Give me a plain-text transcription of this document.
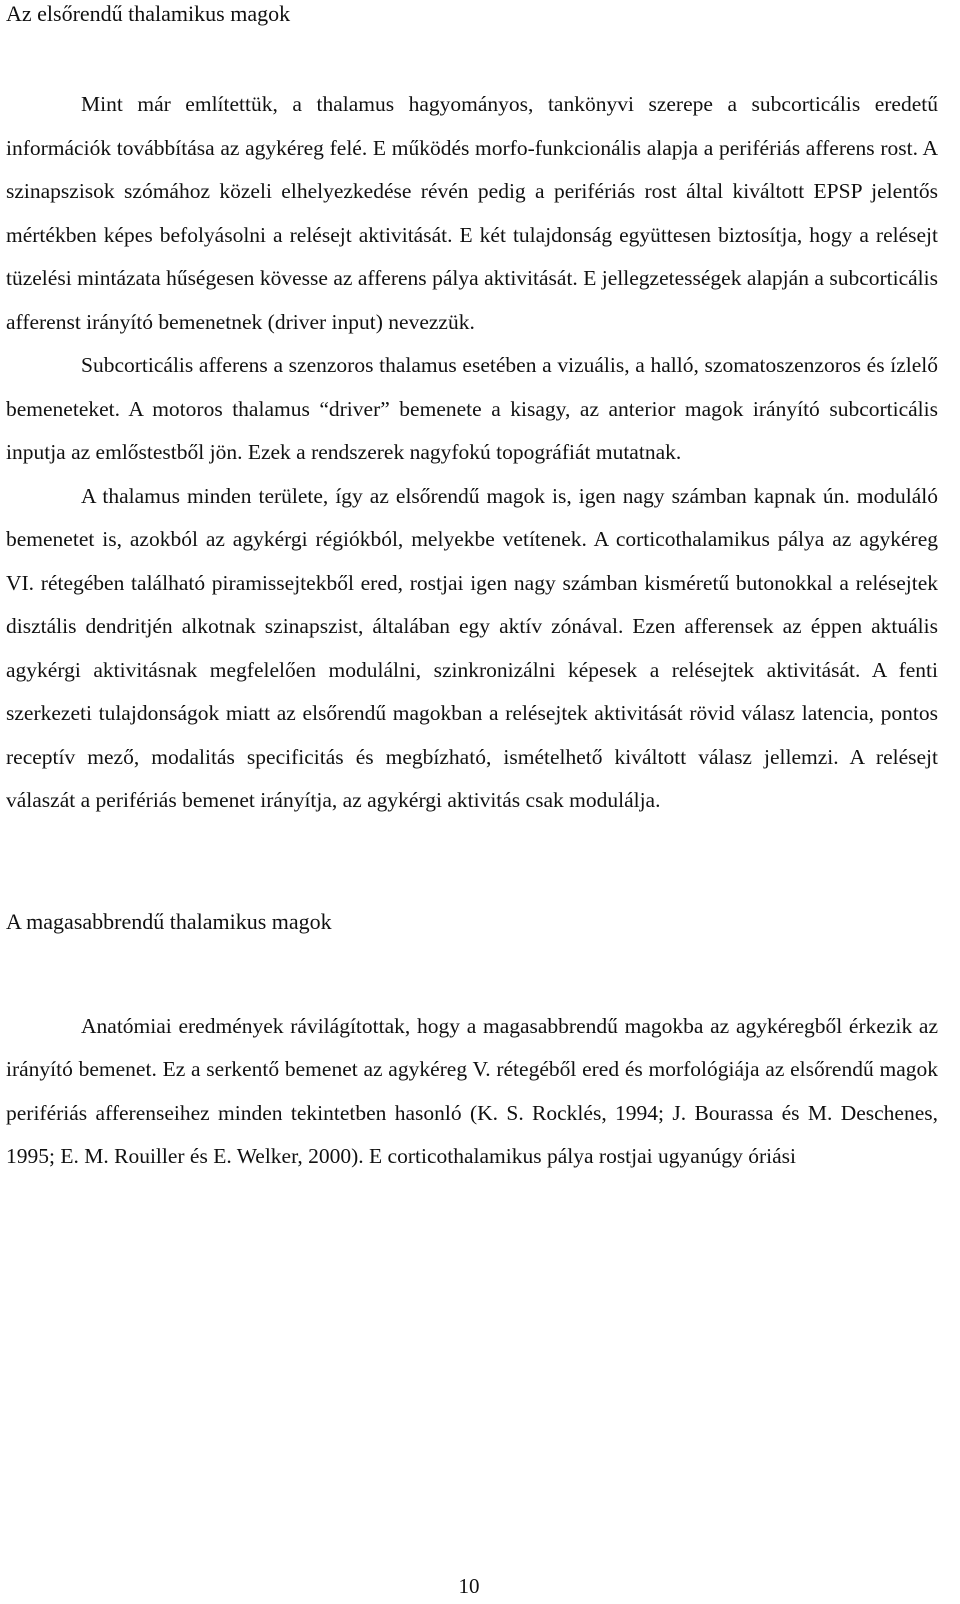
Az elsőrendű thalamikus magok

Mint már említettük, a thalamus hagyományos, tankönyvi szerepe a subcorticális eredetű információk továbbítása az agykéreg felé. E működés morfo-funkcionális alapja a perifériás afferens rost. A szinapszisok szómához közeli elhelyezkedése révén pedig a perifériás rost által kiváltott EPSP jelentős mértékben képes befolyásolni a relésejt aktivitását. E két tulajdonság együttesen biztosítja, hogy a relésejt tüzelési mintázata hűségesen kövesse az afferens pálya aktivitását. E jellegzetességek alapján a subcorticális afferenst irányító bemenetnek (driver input) nevezzük.

Subcorticális afferens a szenzoros thalamus esetében a vizuális, a halló, szomatoszenzoros és ízlelő bemeneteket. A motoros thalamus “driver” bemenete a kisagy, az anterior magok irányító subcorticális inputja az emlőstestből jön. Ezek a rendszerek nagyfokú topográfiát mutatnak.

A thalamus minden területe, így az elsőrendű magok is, igen nagy számban kapnak ún. moduláló bemenetet is, azokból az agykérgi régiókból, melyekbe vetítenek. A corticothalamikus pálya az agykéreg VI. rétegében található piramissejtekből ered, rostjai igen nagy számban kisméretű butonokkal a relésejtek disztális dendritjén alkotnak szinapszist, általában egy aktív zónával. Ezen afferensek az éppen aktuális agykérgi aktivitásnak megfelelően modulálni, szinkronizálni képesek a relésejtek aktivitását. A fenti szerkezeti tulajdonságok miatt az elsőrendű magokban a relésejtek aktivitását rövid válasz latencia, pontos receptív mező, modalitás specificitás és megbízható, ismételhető kiváltott válasz jellemzi. A relésejt válaszát a perifériás bemenet irányítja, az agykérgi aktivitás csak modulálja.

A magasabbrendű thalamikus magok

Anatómiai eredmények rávilágítottak, hogy a magasabbrendű magokba az agykéregből érkezik az irányító bemenet. Ez a serkentő bemenet az agykéreg V. rétegéből ered és morfológiája az elsőrendű magok perifériás afferenseihez minden tekintetben hasonló (K. S. Rocklés, 1994; J. Bourassa és M. Deschenes, 1995; E. M. Rouiller és E. Welker, 2000). E corticothalamikus pálya rostjai ugyanúgy óriási

10
